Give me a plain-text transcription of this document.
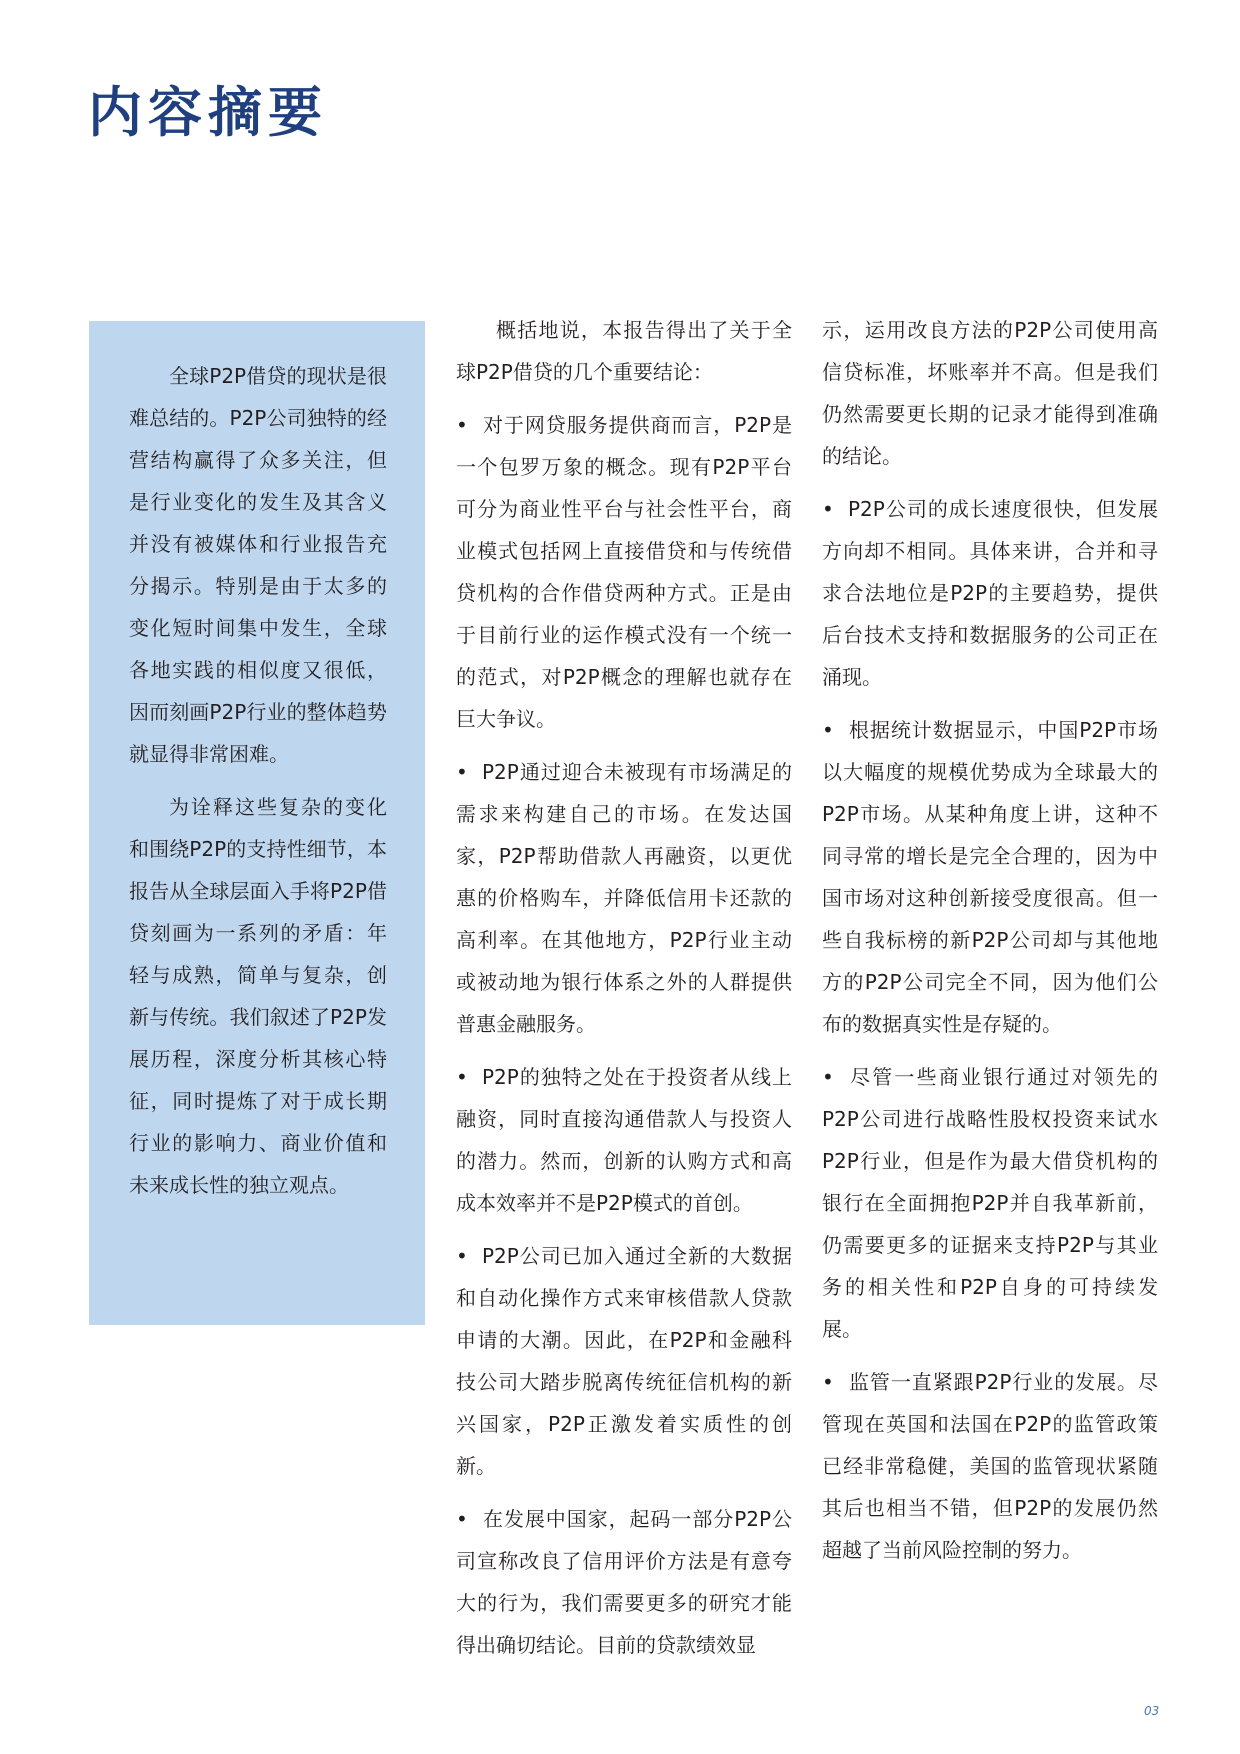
内容摘要

全球P2P借贷的现状是很难总结的。P2P公司独特的经营结构赢得了众多关注，但是行业变化的发生及其含义并没有被媒体和行业报告充分揭示。特别是由于太多的变化短时间集中发生，全球各地实践的相似度又很低，因而刻画P2P行业的整体趋势就显得非常困难。

为诠释这些复杂的变化和围绕P2P的支持性细节，本报告从全球层面入手将P2P借贷刻画为一系列的矛盾：年轻与成熟，简单与复杂，创新与传统。我们叙述了P2P发展历程，深度分析其核心特征，同时提炼了对于成长期行业的影响力、商业价值和未来成长性的独立观点。

概括地说，本报告得出了关于全球P2P借贷的几个重要结论：

• 对于网贷服务提供商而言，P2P是一个包罗万象的概念。现有P2P平台可分为商业性平台与社会性平台，商业模式包括网上直接借贷和与传统借贷机构的合作借贷两种方式。正是由于目前行业的运作模式没有一个统一的范式，对P2P概念的理解也就存在巨大争议。

• P2P通过迎合未被现有市场满足的需求来构建自己的市场。在发达国家，P2P帮助借款人再融资，以更优惠的价格购车，并降低信用卡还款的高利率。在其他地方，P2P行业主动或被动地为银行体系之外的人群提供普惠金融服务。

• P2P的独特之处在于投资者从线上融资，同时直接沟通借款人与投资人的潜力。然而，创新的认购方式和高成本效率并不是P2P模式的首创。

• P2P公司已加入通过全新的大数据和自动化操作方式来审核借款人贷款申请的大潮。因此，在P2P和金融科技公司大踏步脱离传统征信机构的新兴国家，P2P正激发着实质性的创新。

• 在发展中国家，起码一部分P2P公司宣称改良了信用评价方法是有意夸大的行为，我们需要更多的研究才能得出确切结论。目前的贷款绩效显

示，运用改良方法的P2P公司使用高信贷标准，坏账率并不高。但是我们仍然需要更长期的记录才能得到准确的结论。

• P2P公司的成长速度很快，但发展方向却不相同。具体来讲，合并和寻求合法地位是P2P的主要趋势，提供后台技术支持和数据服务的公司正在涌现。

• 根据统计数据显示，中国P2P市场以大幅度的规模优势成为全球最大的P2P市场。从某种角度上讲，这种不同寻常的增长是完全合理的，因为中国市场对这种创新接受度很高。但一些自我标榜的新P2P公司却与其他地方的P2P公司完全不同，因为他们公布的数据真实性是存疑的。

• 尽管一些商业银行通过对领先的P2P公司进行战略性股权投资来试水P2P行业，但是作为最大借贷机构的银行在全面拥抱P2P并自我革新前，仍需要更多的证据来支持P2P与其业务的相关性和P2P自身的可持续发展。

• 监管一直紧跟P2P行业的发展。尽管现在英国和法国在P2P的监管政策已经非常稳健，美国的监管现状紧随其后也相当不错，但P2P的发展仍然超越了当前风险控制的努力。

03
